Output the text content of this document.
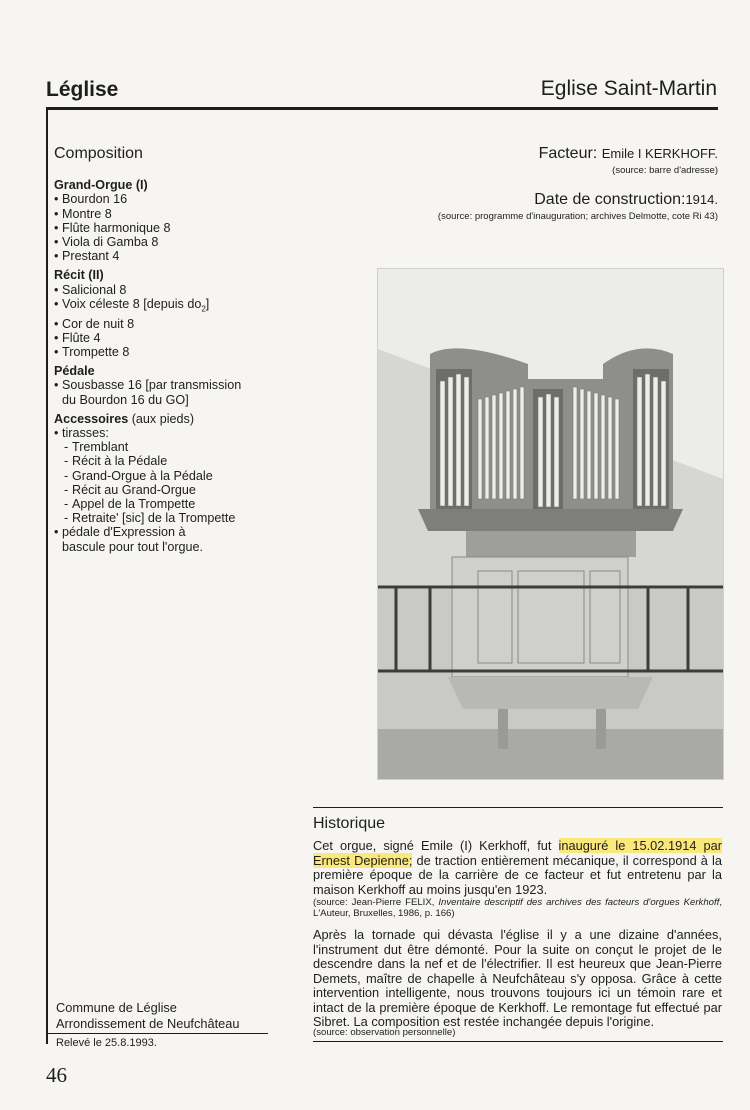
Léglise	Eglise Saint-Martin
Composition
Grand-Orgue (I)
• Bourdon 16
• Montre 8
• Flûte harmonique 8
• Viola di Gamba 8
• Prestant 4
Récit (II)
• Salicional 8
• Voix céleste 8 [depuis $do_2$]
• Cor de nuit 8
• Flûte 4
• Trompette 8
Pédale
• Sousbasse 16 [par transmission
du Bourdon 16 du GO]
Accessoires (aux pieds)
• tirasses:
- Tremblant
- Récit à la Pédale
- Grand-Orgue à la Pédale
- Récit au Grand-Orgue
- Appel de la Trompette
- Retraite' [sic] de la Trompette
• pédale d'Expression à
bascule pour tout l'orgue.
Facteur: Emile I KERKHOFF.
(source: barre d'adresse)
Date de construction:1914.
(source: programme d'inauguration; archives Delmotte, cote Ri 43)
Historique
Cet orgue, signé Emile (I) Kerkhoff, fut inauguré le 15.02.1914 par Ernest Depienne; de traction entièrement mécanique, il correspond à la première époque de la carrière de ce facteur et fut entretenu par la maison Kerkhoff au moins jusqu'en 1923.
(source: Jean-Pierre FELIX, Inventaire descriptif des archives des facteurs d'orgues Kerkhoff, L'Auteur, Bruxelles, 1986, p. 166)
Après la tornade qui dévasta l'église il y a une dizaine d'années, l'instrument dut être démonté. Pour la suite on conçut le projet de le descendre dans la nef et de l'électrifier. Il est heureux que Jean-Pierre Demets, maître de chapelle à Neufchâteau s'y opposa. Grâce à cette intervention intelligente, nous trouvons toujours ici un témoin rare et intact de la première époque de Kerkhoff. Le remontage fut effectué par Sibret. La composition est restée inchangée depuis l'origine.
(source: observation personnelle)
Commune de Léglise
Arrondissement de Neufchâteau
Relevé le 25.8.1993.
46
